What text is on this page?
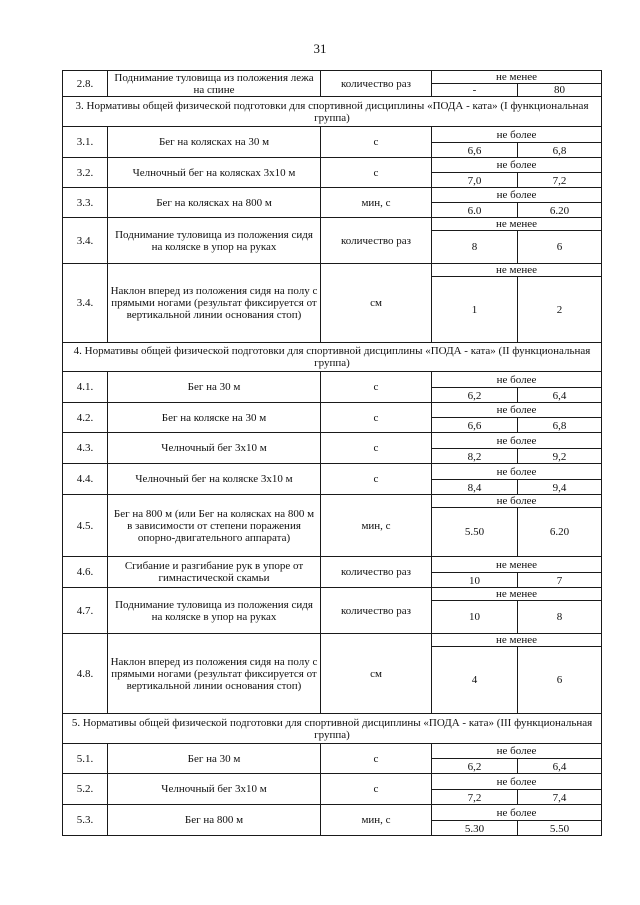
31
2.8.	Поднимание туловища из положения лежа на спине	количество раз	не менее	
			-	80
3. Нормативы общей физической подготовки для спортивной дисциплины «ПОДА - ката» (I функциональная группа)				
3.1.	Бег на колясках на 30 м	с	не более	
			6,6	6,8
3.2.	Челночный бег на колясках 3х10 м	с	не более	
			7,0	7,2
3.3.	Бег на колясках на 800 м	мин, с	не более	
			6.0	6.20
3.4.	Поднимание туловища из положения сидя на коляске в упор на руках	количество раз	не менее	
			8	6
3.4.	Наклон вперед из положения сидя на полу с прямыми ногами (результат фиксируется от вертикальной линии основания стоп)	см	не менее	
			1	2
4. Нормативы общей физической подготовки для спортивной дисциплины «ПОДА - ката» (II функциональная группа)				
4.1.	Бег на 30 м	с	не более	
			6,2	6,4
4.2.	Бег на коляске на 30 м	с	не более	
			6,6	6,8
4.3.	Челночный бег 3х10 м	с	не более	
			8,2	9,2
4.4.	Челночный бег на коляске 3х10 м	с	не более	
			8,4	9,4
4.5.	Бег на 800 м (или Бег на колясках на 800 м в зависимости от степени поражения опорно-двигательного аппарата)	мин, с	не более	
			5.50	6.20
4.6.	Сгибание и разгибание рук в упоре от гимнастической скамьи	количество раз	не менее	
			10	7
4.7.	Поднимание туловища из положения сидя на коляске в упор на руках	количество раз	не менее	
			10	8
4.8.	Наклон вперед из положения сидя на полу с прямыми ногами (результат фиксируется от вертикальной линии основания стоп)	см	не менее	
			4	6
5. Нормативы общей физической подготовки для спортивной дисциплины «ПОДА - ката» (III функциональная группа)				
5.1.	Бег на 30 м	с	не более	
			6,2	6,4
5.2.	Челночный бег 3х10 м	с	не более	
			7,2	7,4
5.3.	Бег на 800 м	мин, с	не более	
			5.30	5.50
